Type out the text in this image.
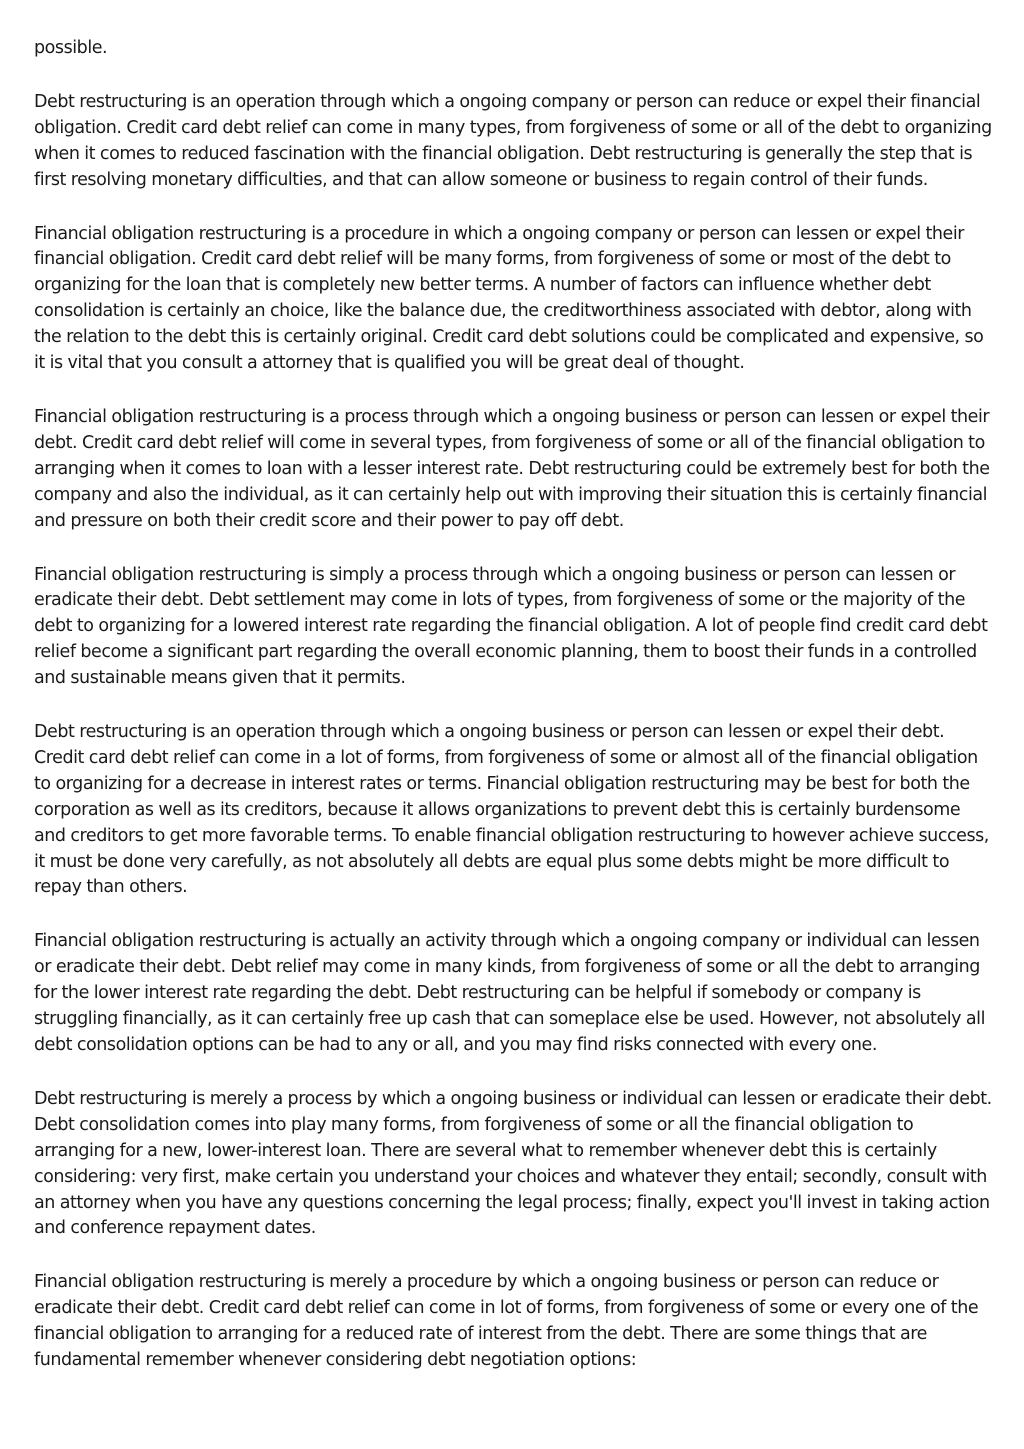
possible.

Debt restructuring is an operation through which a ongoing company or person can reduce or expel their financial obligation. Credit card debt relief can come in many types, from forgiveness of some or all of the debt to organizing when it comes to reduced fascination with the financial obligation. Debt restructuring is generally the step that is first resolving monetary difficulties, and that can allow someone or business to regain control of their funds.

Financial obligation restructuring is a procedure in which a ongoing company or person can lessen or expel their financial obligation. Credit card debt relief will be many forms, from forgiveness of some or most of the debt to organizing for the loan that is completely new better terms. A number of factors can influence whether debt consolidation is certainly an choice, like the balance due, the creditworthiness associated with debtor, along with the relation to the debt this is certainly original. Credit card debt solutions could be complicated and expensive, so it is vital that you consult a attorney that is qualified you will be great deal of thought.

Financial obligation restructuring is a process through which a ongoing business or person can lessen or expel their debt. Credit card debt relief will come in several types, from forgiveness of some or all of the financial obligation to arranging when it comes to loan with a lesser interest rate. Debt restructuring could be extremely best for both the company and also the individual, as it can certainly help out with improving their situation this is certainly financial and pressure on both their credit score and their power to pay off debt.

Financial obligation restructuring is simply a process through which a ongoing business or person can lessen or eradicate their debt. Debt settlement may come in lots of types, from forgiveness of some or the majority of the debt to organizing for a lowered interest rate regarding the financial obligation. A lot of people find credit card debt relief become a significant part regarding the overall economic planning, them to boost their funds in a controlled and sustainable means given that it permits.

Debt restructuring is an operation through which a ongoing business or person can lessen or expel their debt. Credit card debt relief can come in a lot of forms, from forgiveness of some or almost all of the financial obligation to organizing for a decrease in interest rates or terms. Financial obligation restructuring may be best for both the corporation as well as its creditors, because it allows organizations to prevent debt this is certainly burdensome and creditors to get more favorable terms. To enable financial obligation restructuring to however achieve success, it must be done very carefully, as not absolutely all debts are equal plus some debts might be more difficult to repay than others.

Financial obligation restructuring is actually an activity through which a ongoing company or individual can lessen or eradicate their debt. Debt relief may come in many kinds, from forgiveness of some or all the debt to arranging for the lower interest rate regarding the debt. Debt restructuring can be helpful if somebody or company is struggling financially, as it can certainly free up cash that can someplace else be used. However, not absolutely all debt consolidation options can be had to any or all, and you may find risks connected with every one.

Debt restructuring is merely a process by which a ongoing business or individual can lessen or eradicate their debt. Debt consolidation comes into play many forms, from forgiveness of some or all the financial obligation to arranging for a new, lower-interest loan. There are several what to remember whenever debt this is certainly considering: very first, make certain you understand your choices and whatever they entail; secondly, consult with an attorney when you have any questions concerning the legal process; finally, expect you'll invest in taking action and conference repayment dates.

Financial obligation restructuring is merely a procedure by which a ongoing business or person can reduce or eradicate their debt. Credit card debt relief can come in lot of forms, from forgiveness of some or every one of the financial obligation to arranging for a reduced rate of interest from the debt. There are some things that are fundamental remember whenever considering debt negotiation options:
